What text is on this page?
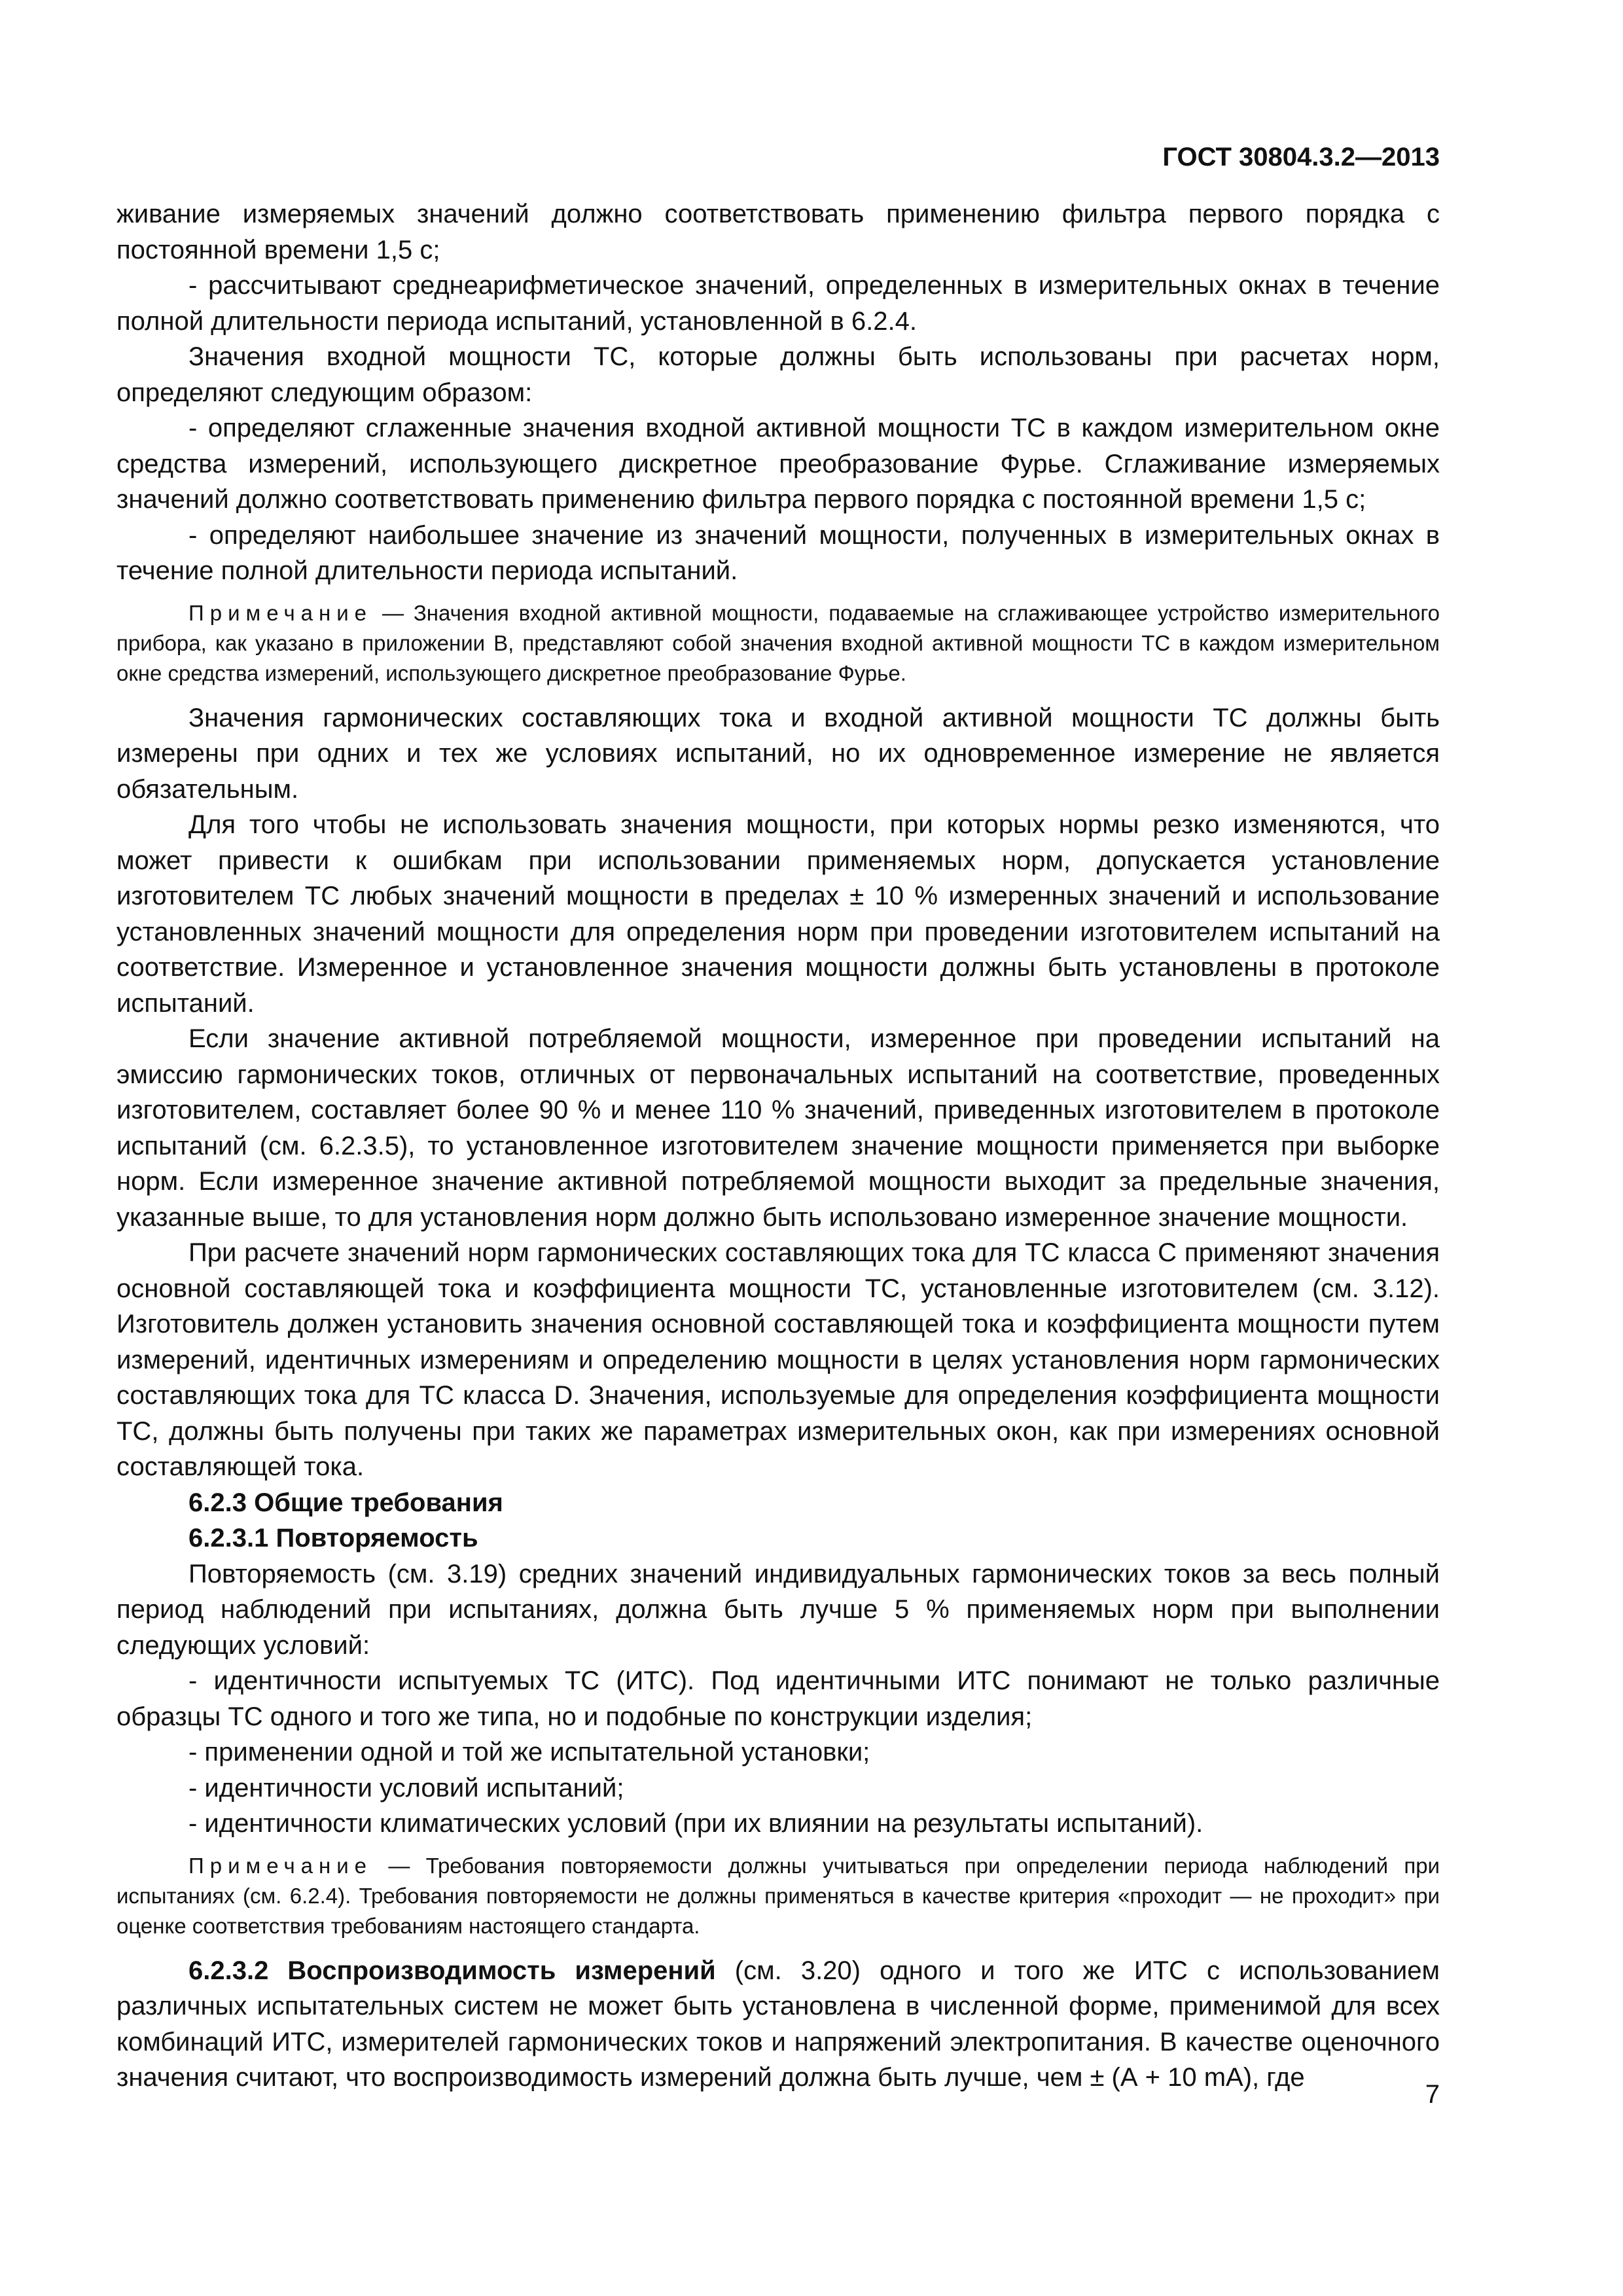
ГОСТ 30804.3.2—2013

живание измеряемых значений должно соответствовать применению фильтра первого порядка с постоянной времени 1,5 с;

- рассчитывают среднеарифметическое значений, определенных в измерительных окнах в течение полной длительности периода испытаний, установленной в 6.2.4.

Значения входной мощности ТС, которые должны быть использованы при расчетах норм, определяют следующим образом:

- определяют сглаженные значения входной активной мощности ТС в каждом измерительном окне средства измерений, использующего дискретное преобразование Фурье. Сглаживание измеряемых значений должно соответствовать применению фильтра первого порядка с постоянной времени 1,5 с;

- определяют наибольшее значение из значений мощности, полученных в измерительных окнах в течение полной длительности периода испытаний.

Примечание — Значения входной активной мощности, подаваемые на сглаживающее устройство измерительного прибора, как указано в приложении В, представляют собой значения входной активной мощности ТС в каждом измерительном окне средства измерений, использующего дискретное преобразование Фурье.

Значения гармонических составляющих тока и входной активной мощности ТС должны быть измерены при одних и тех же условиях испытаний, но их одновременное измерение не является обязательным.

Для того чтобы не использовать значения мощности, при которых нормы резко изменяются, что может привести к ошибкам при использовании применяемых норм, допускается установление изготовителем ТС любых значений мощности в пределах ± 10 % измеренных значений и использование установленных значений мощности для определения норм при проведении изготовителем испытаний на соответствие. Измеренное и установленное значения мощности должны быть установлены в протоколе испытаний.

Если значение активной потребляемой мощности, измеренное при проведении испытаний на эмиссию гармонических токов, отличных от первоначальных испытаний на соответствие, проведенных изготовителем, составляет более 90 % и менее 110 % значений, приведенных изготовителем в протоколе испытаний (см. 6.2.3.5), то установленное изготовителем значение мощности применяется при выборке норм. Если измеренное значение активной потребляемой мощности выходит за предельные значения, указанные выше, то для установления норм должно быть использовано измеренное значение мощности.

При расчете значений норм гармонических составляющих тока для ТС класса С применяют значения основной составляющей тока и коэффициента мощности ТС, установленные изготовителем (см. 3.12). Изготовитель должен установить значения основной составляющей тока и коэффициента мощности путем измерений, идентичных измерениям и определению мощности в целях установления норм гармонических составляющих тока для ТС класса D. Значения, используемые для определения коэффициента мощности ТС, должны быть получены при таких же параметрах измерительных окон, как при измерениях основной составляющей тока.

6.2.3 Общие требования

6.2.3.1 Повторяемость

Повторяемость (см. 3.19) средних значений индивидуальных гармонических токов за весь полный период наблюдений при испытаниях, должна быть лучше 5 % применяемых норм при выполнении следующих условий:

- идентичности испытуемых ТС (ИТС). Под идентичными ИТС понимают не только различные образцы ТС одного и того же типа, но и подобные по конструкции изделия;

- применении одной и той же испытательной установки;

- идентичности условий испытаний;

- идентичности климатических условий (при их влиянии на результаты испытаний).

Примечание — Требования повторяемости должны учитываться при определении периода наблюдений при испытаниях (см. 6.2.4). Требования повторяемости не должны применяться в качестве критерия «проходит — не проходит» при оценке соответствия требованиям настоящего стандарта.

6.2.3.2 Воспроизводимость измерений (см. 3.20) одного и того же ИТС с использованием различных испытательных систем не может быть установлена в численной форме, применимой для всех комбинаций ИТС, измерителей гармонических токов и напряжений электропитания. В качестве оценочного значения считают, что воспроизводимость измерений должна быть лучше, чем ± (А + 10 mA), где

7
